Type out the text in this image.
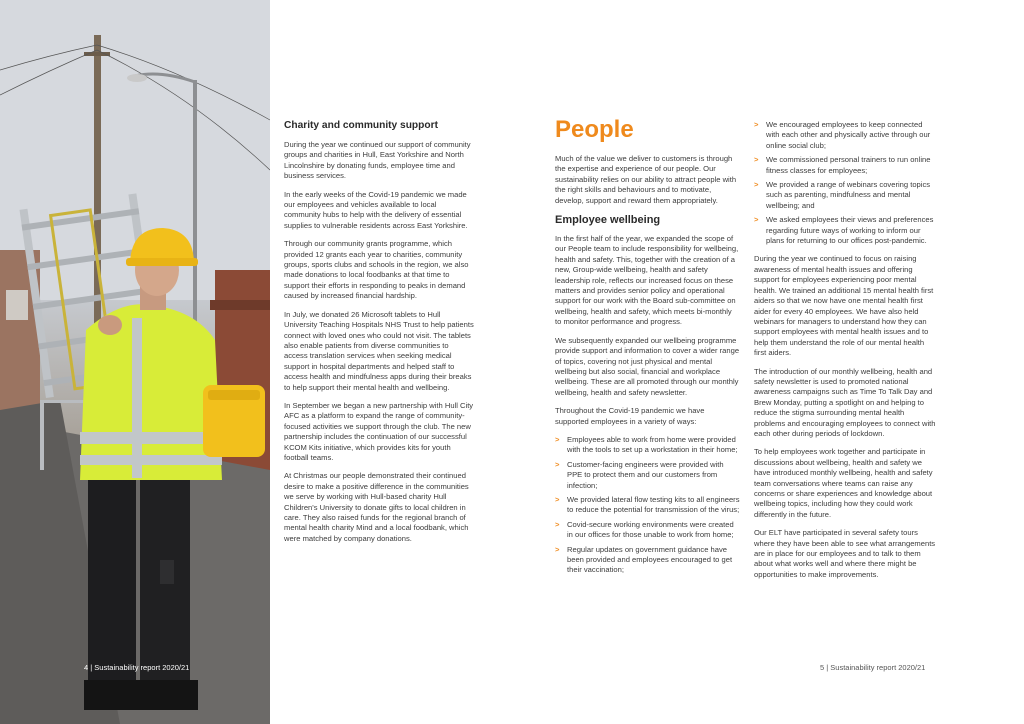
4 | Sustainability report 2020/21
Charity and community support

During the year we continued our support of community groups and charities in Hull, East Yorkshire and North Lincolnshire by donating funds, employee time and business services.

In the early weeks of the Covid-19 pandemic we made our employees and vehicles available to local community hubs to help with the delivery of essential supplies to vulnerable residents across East Yorkshire.

Through our community grants programme, which provided 12 grants each year to charities, community groups, sports clubs and schools in the region, we also made donations to local foodbanks at that time to support their efforts in responding to peaks in demand caused by increased financial hardship.

In July, we donated 26 Microsoft tablets to Hull University Teaching Hospitals NHS Trust to help patients connect with loved ones who could not visit. The tablets also enable patients from diverse communities to access translation services when seeking medical support in hospital departments and helped staff to access health and mindfulness apps during their breaks to help support their mental health and wellbeing.

In September we began a new partnership with Hull City AFC as a platform to expand the range of community-focused activities we support through the club. The new partnership includes the continuation of our successful KCOM Kits initiative, which provides kits for youth football teams.

At Christmas our people demonstrated their continued desire to make a positive difference in the communities we serve by working with Hull-based charity Hull Children's University to donate gifts to local children in care. They also raised funds for the regional branch of mental health charity Mind and a local foodbank, which were matched by company donations.

People

Much of the value we deliver to customers is through the expertise and experience of our people. Our sustainability relies on our ability to attract people with the right skills and behaviours and to motivate, develop, support and reward them appropriately.

Employee wellbeing

In the first half of the year, we expanded the scope of our People team to include responsibility for wellbeing, health and safety. This, together with the creation of a new, Group-wide wellbeing, health and safety leadership role, reflects our increased focus on these matters and provides senior policy and operational support for our work with the Board sub-committee on wellbeing, health and safety, which meets bi-monthly to monitor performance and progress.

We subsequently expanded our wellbeing programme provide support and information to cover a wider range of topics, covering not just physical and mental wellbeing but also social, financial and workplace wellbeing. These are all promoted through our monthly wellbeing, health and safety newsletter.

Throughout the Covid-19 pandemic we have supported employees in a variety of ways:

> Employees able to work from home were provided with the tools to set up a workstation in their home;
> Customer-facing engineers were provided with PPE to protect them and our customers from infection;
> We provided lateral flow testing kits to all engineers to reduce the potential for transmission of the virus;
> Covid-secure working environments were created in our offices for those unable to work from home;
> Regular updates on government guidance have been provided and employees encouraged to get their vaccination;
> We encouraged employees to keep connected with each other and physically active through our online social club;
> We commissioned personal trainers to run online fitness classes for employees;
> We provided a range of webinars covering topics such as parenting, mindfulness and mental wellbeing; and
> We asked employees their views and preferences regarding future ways of working to inform our plans for returning to our offices post-pandemic.

During the year we continued to focus on raising awareness of mental health issues and offering support for employees experiencing poor mental health. We trained an additional 15 mental health first aiders so that we now have one mental health first aider for every 40 employees. We have also held webinars for managers to understand how they can support employees with mental health issues and to help them understand the role of our mental health first aiders.

The introduction of our monthly wellbeing, health and safety newsletter is used to promoted national awareness campaigns such as Time To Talk Day and Brew Monday, putting a spotlight on and helping to reduce the stigma surrounding mental health problems and encouraging employees to connect with each other during periods of lockdown.

To help employees work together and participate in discussions about wellbeing, health and safety we have introduced monthly wellbeing, health and safety team conversations where teams can raise any concerns or share experiences and knowledge about wellbeing topics, including how they could work differently in the future.

Our ELT have participated in several safety tours where they have been able to see what arrangements are in place for our employees and to talk to them about what works well and where there might be opportunities to make improvements.

5 | Sustainability report 2020/21
